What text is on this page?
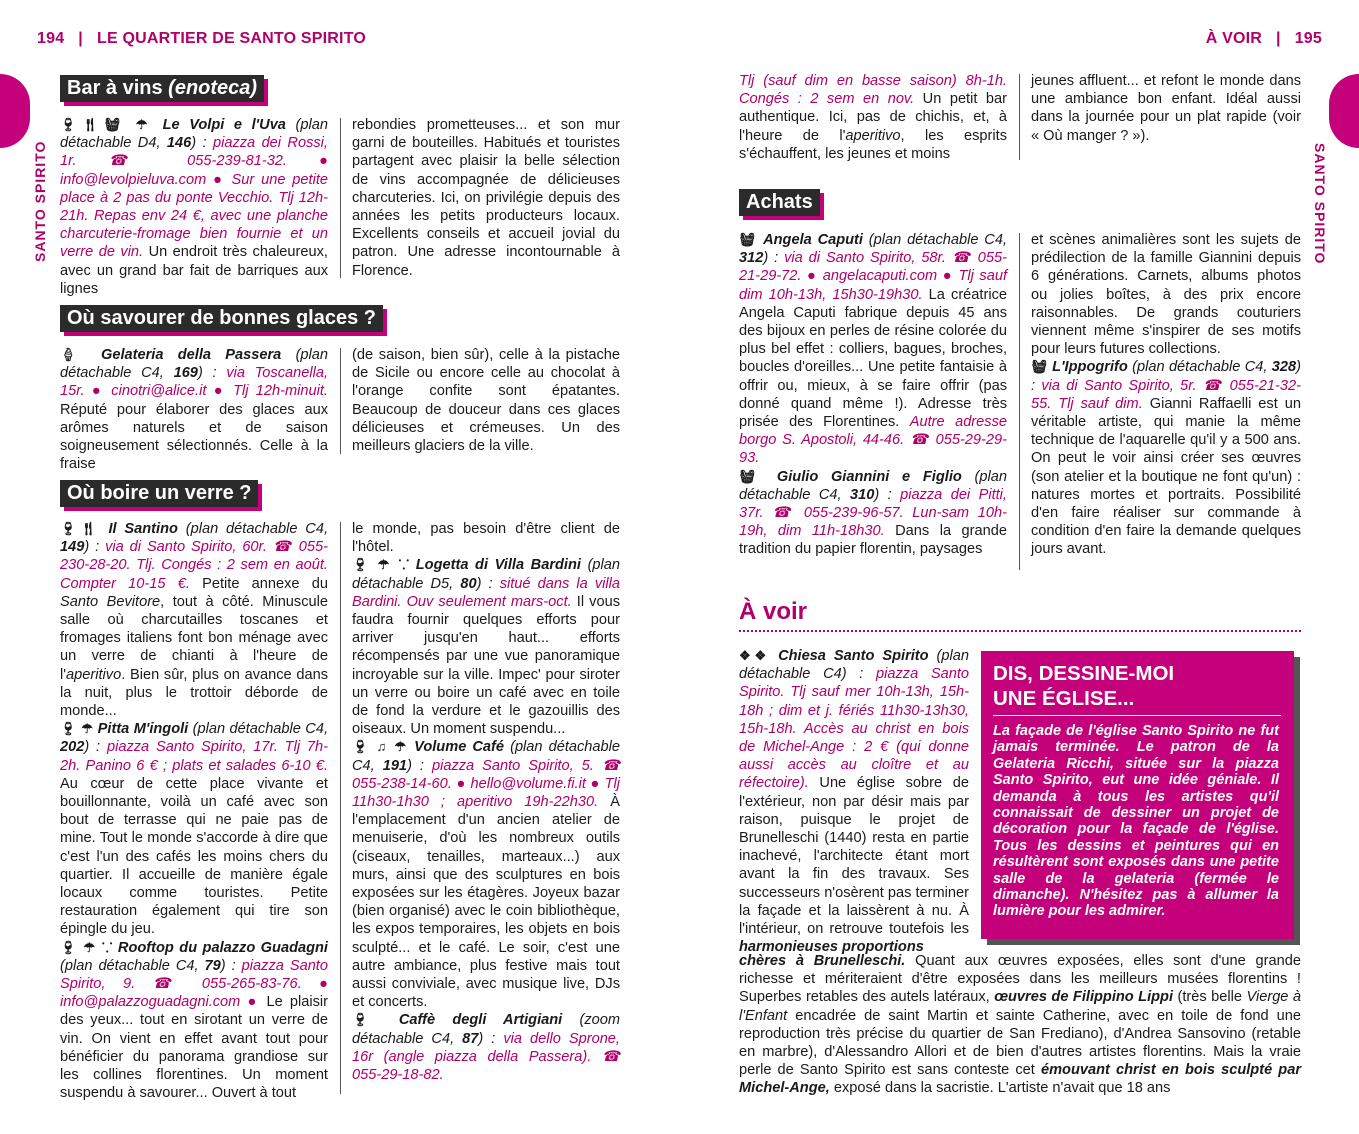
194 | LE QUARTIER DE SANTO SPIRITO	À VOIR | 195
SANTO SPIRITO	SANTO SPIRITO
Bar à vins (enoteca)

🍷︎🍴︎🧺︎ ☂︎ Le Volpi e l'Uva (plan détachable D4, 146) : piazza dei Rossi, 1r. ☎ 055-239-81-32. ● info@levolpieluva.com ● Sur une petite place à 2 pas du ponte Vecchio. Tlj 12h-21h. Repas env 24 €, avec une planche charcuterie-fromage bien fournie et un verre de vin. Un endroit très chaleureux, avec un grand bar fait de barriques aux lignes

rebondies prometteuses... et son mur garni de bouteilles. Habitués et touristes partagent avec plaisir la belle sélection de vins accompagnée de délicieuses charcuteries. Ici, on privilégie depuis des années les petits producteurs locaux. Excellents conseils et accueil jovial du patron. Une adresse incontournable à Florence.

Où savourer de bonnes glaces ?

🍦︎ Gelateria della Passera (plan détachable C4, 169) : via Toscanella, 15r. ● cinotri@alice.it ● Tlj 12h-minuit. Réputé pour élaborer des glaces aux arômes naturels et de saison soigneusement sélectionnés. Celle à la fraise

(de saison, bien sûr), celle à la pistache de Sicile ou encore celle au chocolat à l'orange confite sont épatantes. Beaucoup de douceur dans ces glaces délicieuses et crémeuses. Un des meilleurs glaciers de la ville.

Où boire un verre ?

🍷︎🍴︎ Il Santino (plan détachable C4, 149) : via di Santo Spirito, 60r. ☎ 055-230-28-20. Tlj. Congés : 2 sem en août. Compter 10-15 €. Petite annexe du Santo Bevitore, tout à côté. Minuscule salle où charcutailles toscanes et fromages italiens font bon ménage avec un verre de chianti à l'heure de l'aperitivo. Bien sûr, plus on avance dans la nuit, plus le trottoir déborde de monde...

🍷︎ ☂︎ Pitta M'ingoli (plan détachable C4, 202) : piazza Santo Spirito, 17r. Tlj 7h-2h. Panino 6 € ; plats et salades 6-10 €. Au cœur de cette place vivante et bouillonnante, voilà un café avec son bout de terrasse qui ne paie pas de mine. Tout le monde s'accorde à dire que c'est l'un des cafés les moins chers du quartier. Il accueille de manière égale locaux comme touristes. Petite restauration également qui tire son épingle du jeu.

🍷︎ ☂︎ ⸪ Rooftop du palazzo Guadagni (plan détachable C4, 79) : piazza Santo Spirito, 9. ☎ 055-265-83-76. ● info@palazzoguadagni.com ● Le plaisir des yeux... tout en sirotant un verre de vin. On vient en effet avant tout pour bénéficier du panorama grandiose sur les collines florentines. Un moment suspendu à savourer... Ouvert à tout

le monde, pas besoin d'être client de l'hôtel.

🍷︎ ☂︎ ⸪ Logetta di Villa Bardini (plan détachable D5, 80) : situé dans la villa Bardini. Ouv seulement mars-oct. Il vous faudra fournir quelques efforts pour arriver jusqu'en haut... efforts récompensés par une vue panoramique incroyable sur la ville. Impec' pour siroter un verre ou boire un café avec en toile de fond la verdure et le gazouillis des oiseaux. Un moment suspendu...

🍷︎ ♫ ☂︎ Volume Café (plan détachable C4, 191) : piazza Santo Spirito, 5. ☎ 055-238-14-60. ● hello@volume.fi.it ● Tlj 11h30-1h30 ; aperitivo 19h-22h30. À l'emplacement d'un ancien atelier de menuiserie, d'où les nombreux outils (ciseaux, tenailles, marteaux...) aux murs, ainsi que des sculptures en bois exposées sur les étagères. Joyeux bazar (bien organisé) avec le coin bibliothèque, les expos temporaires, les objets en bois sculpté... et le café. Le soir, c'est une autre ambiance, plus festive mais tout aussi conviviale, avec musique live, DJs et concerts.

🍷︎ Caffè degli Artigiani (zoom détachable C4, 87) : via dello Sprone, 16r (angle piazza della Passera). ☎ 055-29-18-82.

Tlj (sauf dim en basse saison) 8h-1h. Congés : 2 sem en nov. Un petit bar authentique. Ici, pas de chichis, et, à l'heure de l'aperitivo, les esprits s'échauffent, les jeunes et moins

jeunes affluent... et refont le monde dans une ambiance bon enfant. Idéal aussi dans la journée pour un plat rapide (voir « Où manger ? »).

Achats

🧺︎ Angela Caputi (plan détachable C4, 312) : via di Santo Spirito, 58r. ☎ 055-21-29-72. ● angelacaputi.com ● Tlj sauf dim 10h-13h, 15h30-19h30. La créatrice Angela Caputi fabrique depuis 45 ans des bijoux en perles de résine colorée du plus bel effet : colliers, bagues, broches, boucles d'oreilles... Une petite fantaisie à offrir ou, mieux, à se faire offrir (pas donné quand même !). Adresse très prisée des Florentines. Autre adresse borgo S. Apostoli, 44-46. ☎ 055-29-29-93.

🧺︎ Giulio Giannini e Figlio (plan détachable C4, 310) : piazza dei Pitti, 37r. ☎ 055-239-96-57. Lun-sam 10h-19h, dim 11h-18h30. Dans la grande tradition du papier florentin, paysages

et scènes animalières sont les sujets de prédilection de la famille Giannini depuis 6 générations. Carnets, albums photos ou jolies boîtes, à des prix encore raisonnables. De grands couturiers viennent même s'inspirer de ses motifs pour leurs futures collections.

🧺︎ L'Ippogrifo (plan détachable C4, 328) : via di Santo Spirito, 5r. ☎ 055-21-32-55. Tlj sauf dim. Gianni Raffaelli est un véritable artiste, qui manie la même technique de l'aquarelle qu'il y a 500 ans. On peut le voir ainsi créer ses œuvres (son atelier et la boutique ne font qu'un) : natures mortes et portraits. Possibilité d'en faire réaliser sur commande à condition d'en faire la demande quelques jours avant.

À voir

❖❖ Chiesa Santo Spirito (plan détachable C4) : piazza Santo Spirito. Tlj sauf mer 10h-13h, 15h-18h ; dim et j. fériés 11h30-13h30, 15h-18h. Accès au christ en bois de Michel-Ange : 2 € (qui donne aussi accès au cloître et au réfectoire). Une église sobre de l'extérieur, non par désir mais par raison, puisque le projet de Brunelleschi (1440) resta en partie inachevé, l'architecte étant mort avant la fin des travaux. Ses successeurs n'osèrent pas terminer la façade et la laissèrent à nu. À l'intérieur, on retrouve toutefois les harmonieuses proportions

DIS, DESSINE-MOI
UNE ÉGLISE...
La façade de l'église Santo Spirito ne fut jamais terminée. Le patron de la Gelateria Ricchi, située sur la piazza Santo Spirito, eut une idée géniale. Il demanda à tous les artistes qu'il connaissait de dessiner un projet de décoration pour la façade de l'église. Tous les dessins et peintures qui en résultèrent sont exposés dans une petite salle de la gelateria (fermée le dimanche). N'hésitez pas à allumer la lumière pour les admirer.

chères à Brunelleschi. Quant aux œuvres exposées, elles sont d'une grande richesse et mériteraient d'être exposées dans les meilleurs musées florentins ! Superbes retables des autels latéraux, œuvres de Filippino Lippi (très belle Vierge à l'Enfant encadrée de saint Martin et sainte Catherine, avec en toile de fond une reproduction très précise du quartier de San Frediano), d'Andrea Sansovino (retable en marbre), d'Alessandro Allori et de bien d'autres artistes florentins. Mais la vraie perle de Santo Spirito est sans conteste cet émouvant christ en bois sculpté par Michel-Ange, exposé dans la sacristie. L'artiste n'avait que 18 ans
